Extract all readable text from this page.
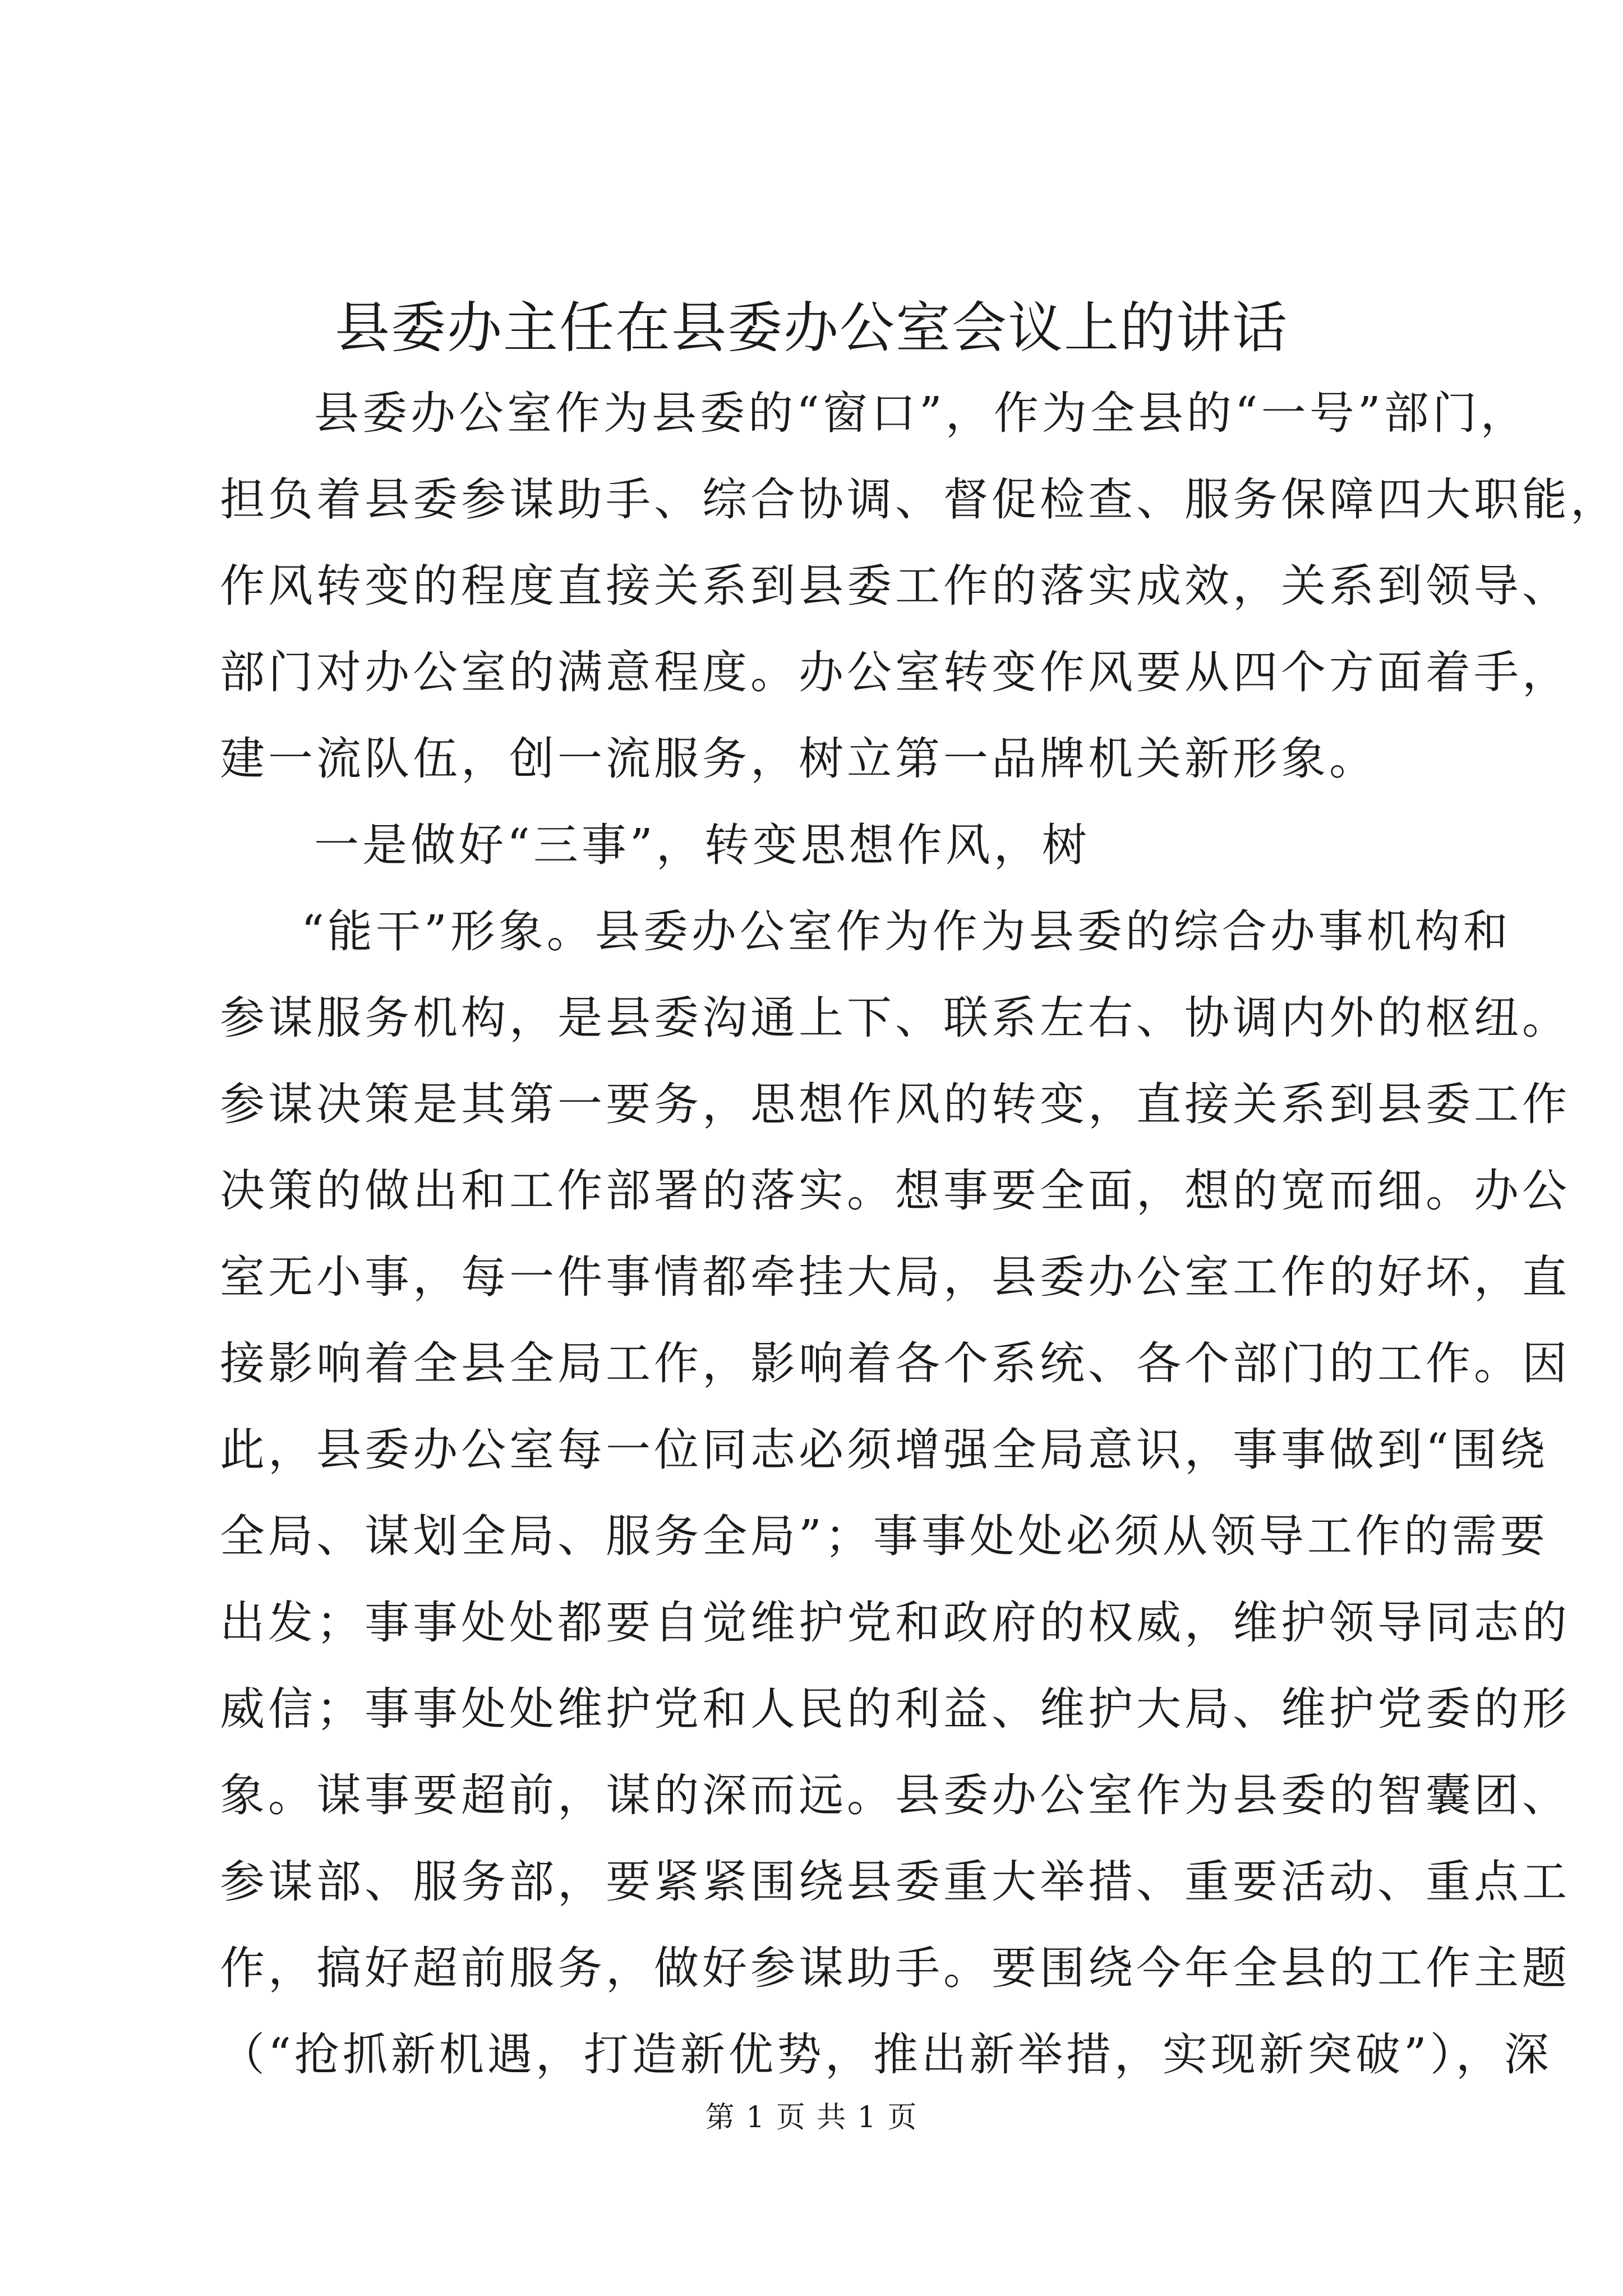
县委办主任在县委办公室会议上的讲话
县委办公室作为县委的“窗口”，作为全县的“一号”部门，
担负着县委参谋助手、综合协调、督促检查、服务保障四大职能，
作风转变的程度直接关系到县委工作的落实成效，关系到领导、
部门对办公室的满意程度。办公室转变作风要从四个方面着手，
建一流队伍，创一流服务，树立第一品牌机关新形象。
一是做好“三事”，转变思想作风，树
“能干”形象。县委办公室作为作为县委的综合办事机构和
参谋服务机构，是县委沟通上下、联系左右、协调内外的枢纽。
参谋决策是其第一要务，思想作风的转变，直接关系到县委工作
决策的做出和工作部署的落实。想事要全面，想的宽而细。办公
室无小事，每一件事情都牵挂大局，县委办公室工作的好坏，直
接影响着全县全局工作，影响着各个系统、各个部门的工作。因
此，县委办公室每一位同志必须增强全局意识，事事做到“围绕
全局、谋划全局、服务全局”；事事处处必须从领导工作的需要
出发；事事处处都要自觉维护党和政府的权威，维护领导同志的
威信；事事处处维护党和人民的利益、维护大局、维护党委的形
象。谋事要超前，谋的深而远。县委办公室作为县委的智囊团、
参谋部、服务部，要紧紧围绕县委重大举措、重要活动、重点工
作，搞好超前服务，做好参谋助手。要围绕今年全县的工作主题
（“抢抓新机遇，打造新优势，推出新举措，实现新突破”），深
第 1 页 共 1 页
